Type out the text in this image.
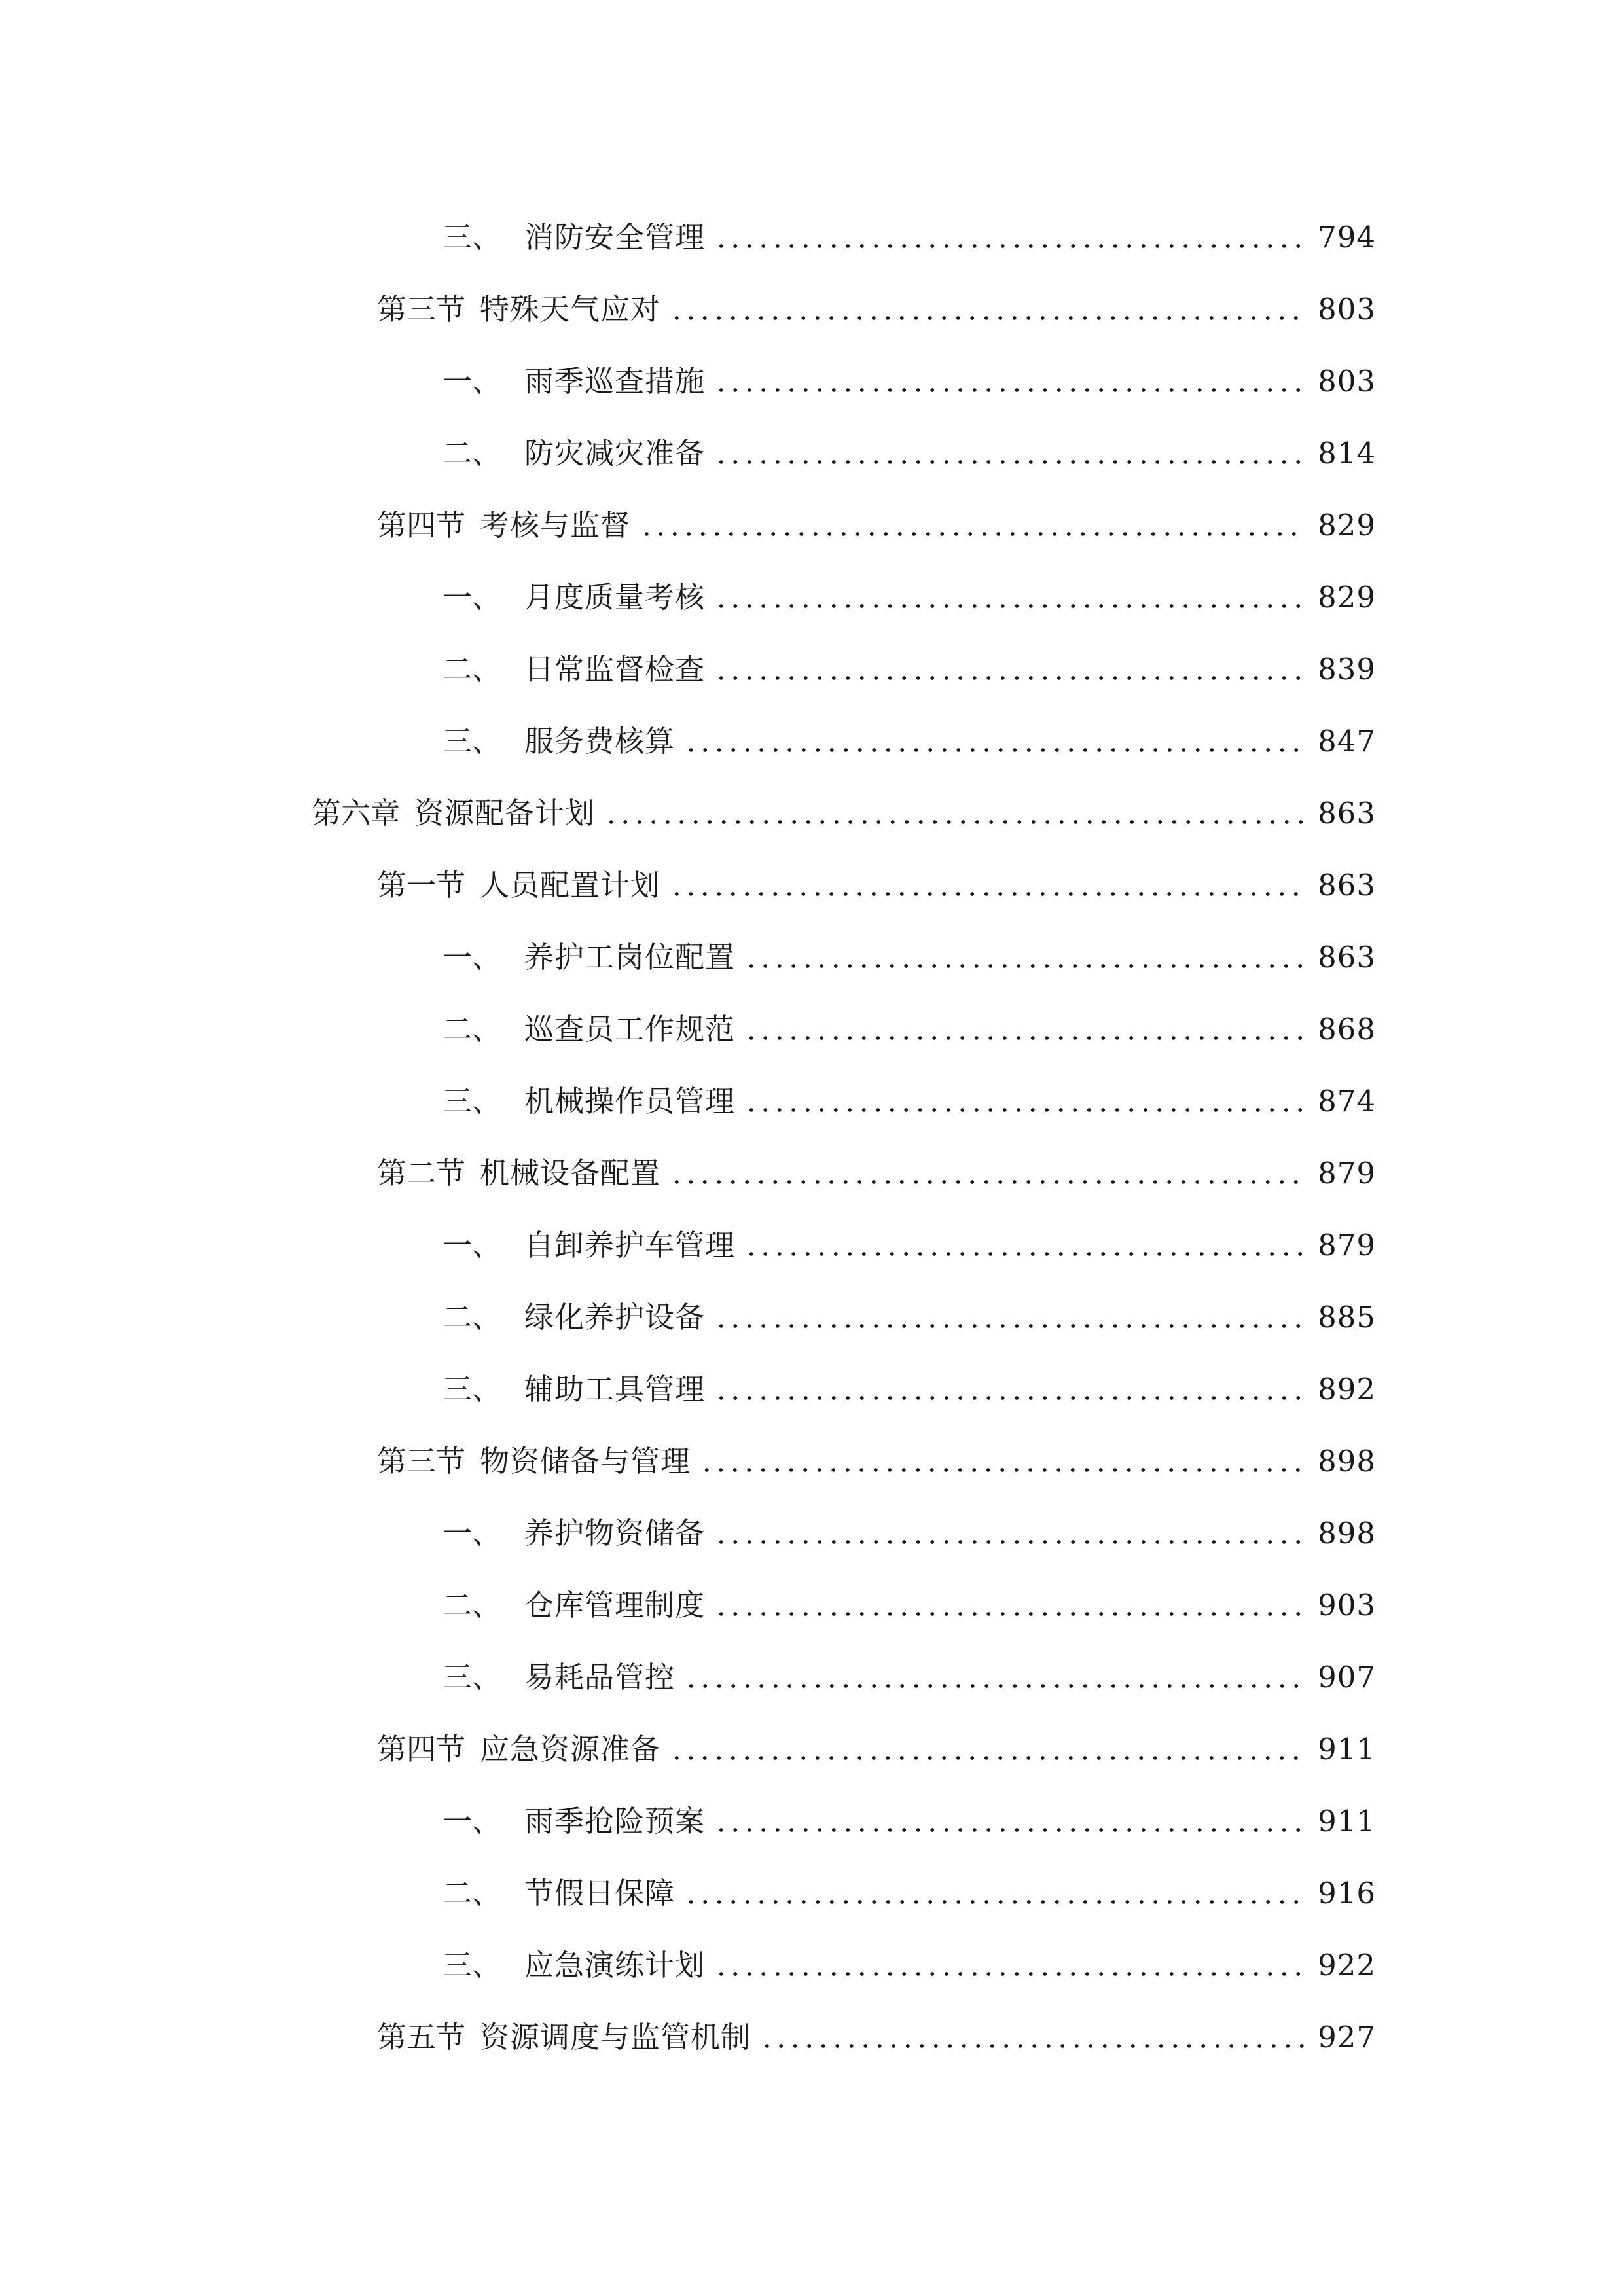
三、 消防安全管理	794
第三节 特殊天气应对	803
一、 雨季巡查措施	803
二、 防灾减灾准备	814
第四节 考核与监督	829
一、 月度质量考核	829
二、 日常监督检查	839
三、 服务费核算	847
第六章 资源配备计划	863
第一节 人员配置计划	863
一、 养护工岗位配置	863
二、 巡查员工作规范	868
三、 机械操作员管理	874
第二节 机械设备配置	879
一、 自卸养护车管理	879
二、 绿化养护设备	885
三、 辅助工具管理	892
第三节 物资储备与管理	898
一、 养护物资储备	898
二、 仓库管理制度	903
三、 易耗品管控	907
第四节 应急资源准备	911
一、 雨季抢险预案	911
二、 节假日保障	916
三、 应急演练计划	922
第五节 资源调度与监管机制	927
